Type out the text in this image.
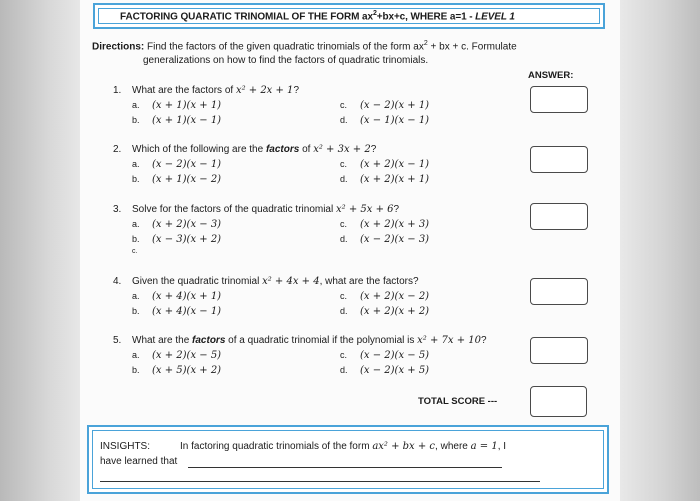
FACTORING QUARATIC TRINOMIAL OF THE FORM $ax^2+bx+c$, WHERE a=1 - LEVEL 1
Directions: Find the factors of the given quadratic trinomials of the form $ax^2$ + bx + c. Formulate
generalizations on how to find the factors of quadratic trinomials.
ANSWER:
1. What are the factors of x² + 2x + 1?
a. (x + 1)(x + 1)
b. (x + 1)(x − 1)
c. (x − 2)(x + 1)
d. (x − 1)(x − 1)
2. Which of the following are the factors of x² + 3x + 2?
a. (x − 2)(x − 1)
b. (x + 1)(x − 2)
c. (x + 2)(x − 1)
d. (x + 2)(x + 1)
3. Solve for the factors of the quadratic trinomial x² + 5x + 6?
a. (x + 2)(x − 3)
b. (x − 3)(x + 2)
c.
c. (x + 2)(x + 3)
d. (x − 2)(x − 3)
4. Given the quadratic trinomial x² + 4x + 4, what are the factors?
a. (x + 4)(x + 1)
b. (x + 4)(x − 1)
c. (x + 2)(x − 2)
d. (x + 2)(x + 2)
5. What are the factors of a quadratic trinomial if the polynomial is x² + 7x + 10?
a. (x + 2)(x − 5)
b. (x + 5)(x + 2)
c. (x − 2)(x − 5)
d. (x − 2)(x + 5)
TOTAL SCORE ---
INSIGHTS:	In factoring quadratic trinomials of the form ax² + bx + c, where a = 1, I
have learned that
